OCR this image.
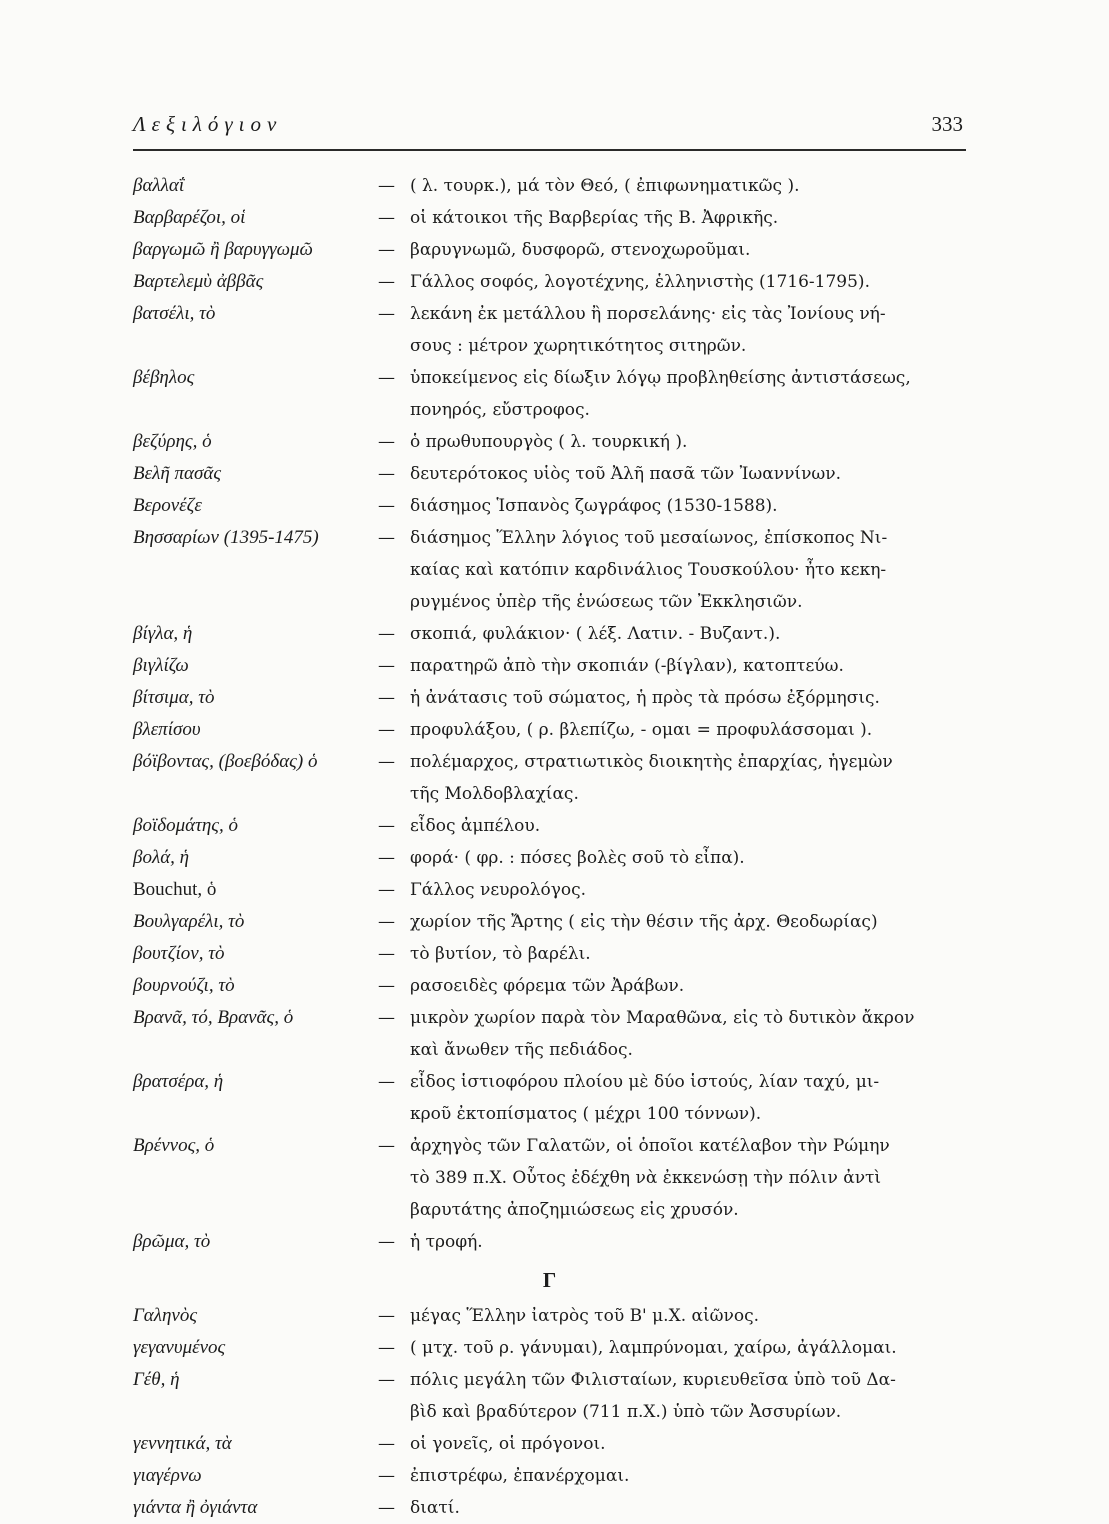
Λεξιλόγιον	333
βαλλαΐ	— ( λ. τουρκ.), μά τὸν Θεό, ( ἐπιφωνηματικῶς ).
Βαρβαρέζοι, οἱ	— οἱ κάτοικοι τῆς Βαρβερίας τῆς Β. Ἀφρικῆς.
βαργωμῶ ἢ βαρυγγωμῶ	— βαρυγνωμῶ, δυσφορῶ, στενοχωροῦμαι.
Βαρτελεμὺ ἀββᾶς	— Γάλλος σοφός, λογοτέχνης, ἑλληνιστὴς (1716-1795).
βατσέλι, τὸ	— λεκάνη ἐκ μετάλλου ἢ πορσελάνης· εἰς τὰς Ἰονίους νή-
σους : μέτρον χωρητικότητος σιτηρῶν.
βέβηλος	— ὑποκείμενος εἰς δίωξιν λόγῳ προβληθείσης ἀντιστάσεως,
πονηρός, εὔστροφος.
βεζύρης, ὁ	— ὁ πρωθυπουργὸς ( λ. τουρκική ).
Βελῆ πασᾶς	— δευτερότοκος υἱὸς τοῦ Ἀλῆ πασᾶ τῶν Ἰωαννίνων.
Βερονέζε	— διάσημος Ἱσπανὸς ζωγράφος (1530-1588).
Βησσαρίων (1395-1475)	— διάσημος Ἕλλην λόγιος τοῦ μεσαίωνος, ἐπίσκοπος Νι-
καίας καὶ κατόπιν καρδινάλιος Τουσκούλου· ἦτο κεκη-
ρυγμένος ὑπὲρ τῆς ἑνώσεως τῶν Ἐκκλησιῶν.
βίγλα, ἡ	— σκοπιά, φυλάκιον· ( λέξ. Λατιν. - Βυζαντ.).
βιγλίζω	— παρατηρῶ ἀπὸ τὴν σκοπιάν (-βίγλαν), κατοπτεύω.
βίτσιμα, τὸ	— ἡ ἀνάτασις τοῦ σώματος, ἡ πρὸς τὰ πρόσω ἐξόρμησις.
βλεπίσου	— προφυλάξου, ( ρ. βλεπίζω, - ομαι = προφυλάσσομαι ).
βόϊβοντας, (βοεβόδας) ὁ	— πολέμαρχος, στρατιωτικὸς διοικητὴς ἐπαρχίας, ἡγεμὼν
τῆς Μολδοβλαχίας.
βοϊδομάτης, ὁ	— εἶδος ἀμπέλου.
βολά, ἡ	— φορά· ( φρ. : πόσες βολὲς σοῦ τὸ εἶπα).
Bouchut, ὁ	— Γάλλος νευρολόγος.
Βουλγαρέλι, τὸ	— χωρίον τῆς Ἄρτης ( εἰς τὴν θέσιν τῆς ἀρχ. Θεοδωρίας)
βουτζίον, τὸ	— τὸ βυτίον, τὸ βαρέλι.
βουρνούζι, τὸ	— ρασοειδὲς φόρεμα τῶν Ἀράβων.
Βρανᾶ, τό, Βρανᾶς, ὁ	— μικρὸν χωρίον παρὰ τὸν Μαραθῶνα, εἰς τὸ δυτικὸν ἄκρον
καὶ ἄνωθεν τῆς πεδιάδος.
βρατσέρα, ἡ	— εἶδος ἱστιοφόρου πλοίου μὲ δύο ἱστούς, λίαν ταχύ, μι-
κροῦ ἐκτοπίσματος ( μέχρι 100 τόννων).
Βρέννος, ὁ	— ἀρχηγὸς τῶν Γαλατῶν, οἱ ὁποῖοι κατέλαβον τὴν Ρώμην
τὸ 389 π.Χ. Οὗτος ἐδέχθη νὰ ἐκκενώσῃ τὴν πόλιν ἀντὶ
βαρυτάτης ἀποζημιώσεως εἰς χρυσόν.
βρῶμα, τὸ	— ἡ τροφή.
Γ
Γαληνὸς	— μέγας Ἕλλην ἰατρὸς τοῦ Β' μ.Χ. αἰῶνος.
γεγανυμένος	— ( μτχ. τοῦ ρ. γάνυμαι), λαμπρύνομαι, χαίρω, ἀγάλλομαι.
Γέθ, ἡ	— πόλις μεγάλη τῶν Φιλισταίων, κυριευθεῖσα ὑπὸ τοῦ Δα-
βὶδ καὶ βραδύτερον (711 π.Χ.) ὑπὸ τῶν Ἀσσυρίων.
γεννητικά, τὰ	— οἱ γονεῖς, οἱ πρόγονοι.
γιαγέρνω	— ἐπιστρέφω, ἐπανέρχομαι.
γιάντα ἢ ὀγιάντα	— διατί.
